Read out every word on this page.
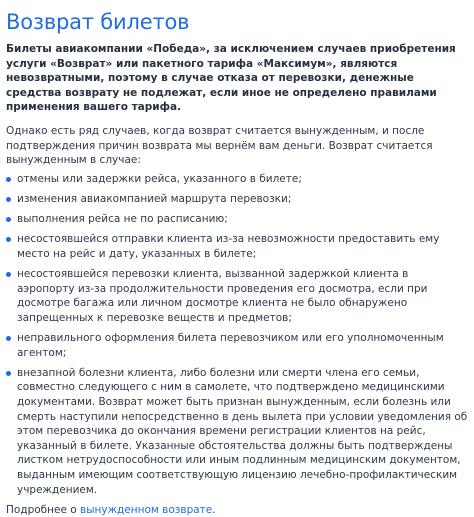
Возврат билетов

Билеты авиакомпании «Победа», за исключением случаев приобретения услуги «Возврат» или пакетного тарифа «Максимум», являются невозвратными, поэтому в случае отказа от перевозки, денежные средства возврату не подлежат, если иное не определено правилами применения вашего тарифа.

Однако есть ряд случаев, когда возврат считается вынужденным, и после подтверждения причин возврата мы вернём вам деньги. Возврат считается вынужденным в случае:

отмены или задержки рейса, указанного в билете;
изменения авиакомпанией маршрута перевозки;
выполнения рейса не по расписанию;
несостоявшейся отправки клиента из-за невозможности предоставить ему место на рейс и дату, указанных в билете;
несостоявшейся перевозки клиента, вызванной задержкой клиента в аэропорту из-за продолжительности проведения его досмотра, если при досмотре багажа или личном досмотре клиента не было обнаружено запрещенных к перевозке веществ и предметов;
неправильного оформления билета перевозчиком или его уполномоченным агентом;
внезапной болезни клиента, либо болезни или смерти члена его семьи, совместно следующего с ним в самолете, что подтверждено медицинскими документами. Возврат может быть признан вынужденным, если болезнь или смерть наступили непосредственно в день вылета при условии уведомления об этом перевозчика до окончания времени регистрации клиентов на рейс, указанный в билете. Указанные обстоятельства должны быть подтверждены листком нетрудоспособности или иным подлинным медицинским документом, выданным имеющим соответствующую лицензию лечебно-профилактическим учреждением.
Подробнее о вынужденном возврате.
